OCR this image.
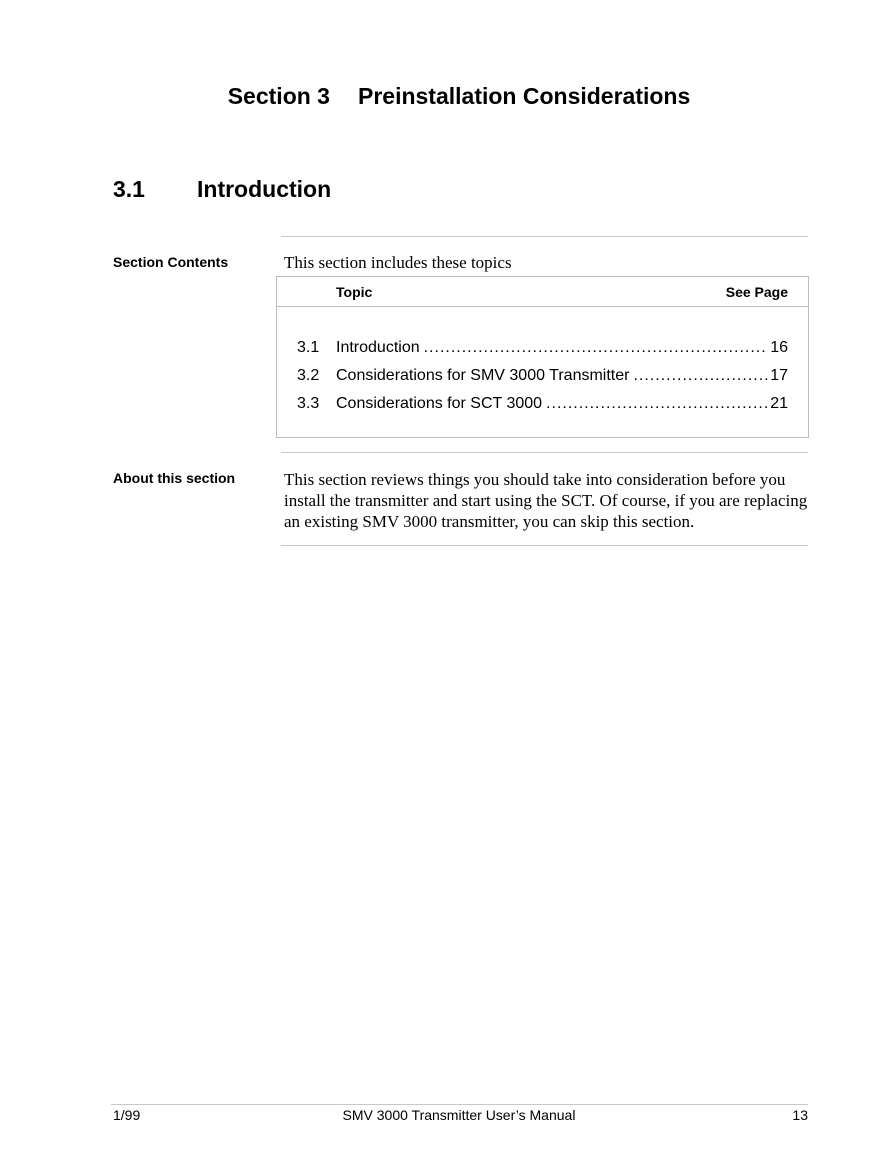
Section 3 Preinstallation Considerations
3.1 Introduction
Section Contents	This section includes these topics
Topic	See Page
3.1	Introduction .....	16
3.2	Considerations for SMV 3000 Transmitter .....	17
3.3	Considerations for SCT 3000 .....	21
About this section	This section reviews things you should take into consideration before you install the transmitter and start using the SCT. Of course, if you are replacing an existing SMV 3000 transmitter, you can skip this section.
1/99	SMV 3000 Transmitter User’s Manual	13
